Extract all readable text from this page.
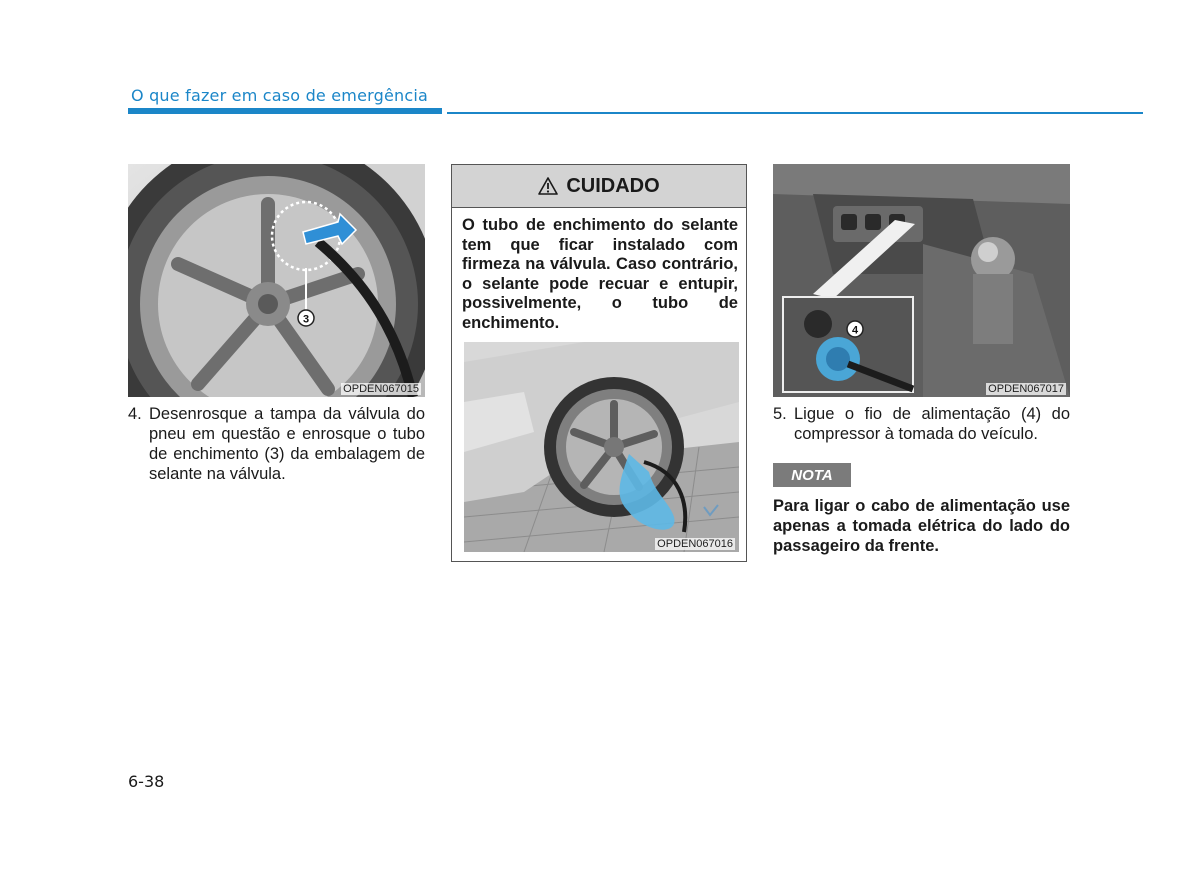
O que fazer em caso de emergência
3
OPDEN067015
4. Desenrosque a tampa da válvula do pneu em questão e enrosque o tubo de enchimento (3) da embalagem de selante na válvula.
CUIDADO
O tubo de enchimento do selante tem que ficar instalado com firmeza na válvula. Caso contrário, o selante pode recuar e entupir, possivelmente, o tubo de enchimento.
OPDEN067016
4
OPDEN067017
5. Ligue o fio de alimentação (4) do compressor à tomada do veículo.
NOTA
Para ligar o cabo de alimentação use apenas a tomada elétrica do lado do passageiro da frente.
6-38
